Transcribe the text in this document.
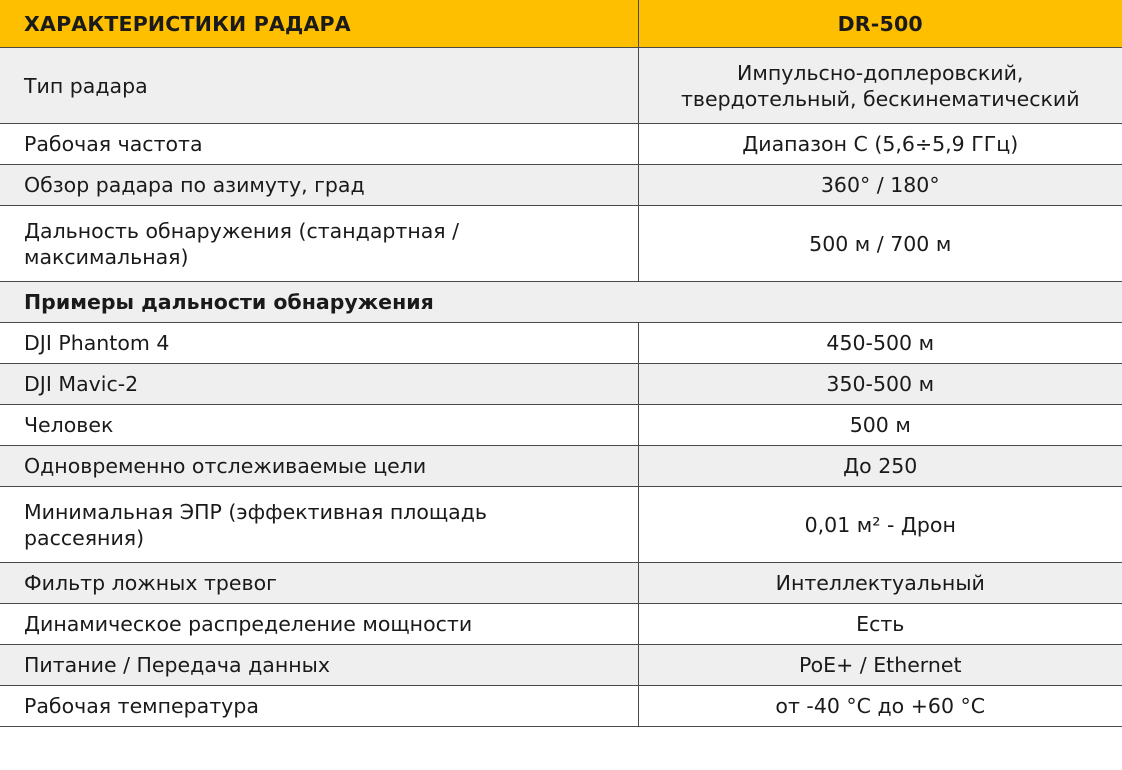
ХАРАКТЕРИСТИКИ РАДАРА	DR-500
Тип радара	Импульсно-доплеровский,
твердотельный, бескинематический
Рабочая частота	Диапазон С (5,6÷5,9 ГГц)
Обзор радара по азимуту, град	360° / 180°
Дальность обнаружения (стандартная /
максимальная)	500 м / 700 м
Примеры дальности обнаружения	
DJI Phantom 4	450-500 м
DJI Mavic-2	350-500 м
Человек	500 м
Одновременно отслеживаемые цели	До 250
Минимальная ЭПР (эффективная площадь
рассеяния)	0,01 м² - Дрон
Фильтр ложных тревог	Интеллектуальный
Динамическое распределение мощности	Есть
Питание / Передача данных	PoE+ / Ethernet
Рабочая температура	от -40 °С до +60 °С
